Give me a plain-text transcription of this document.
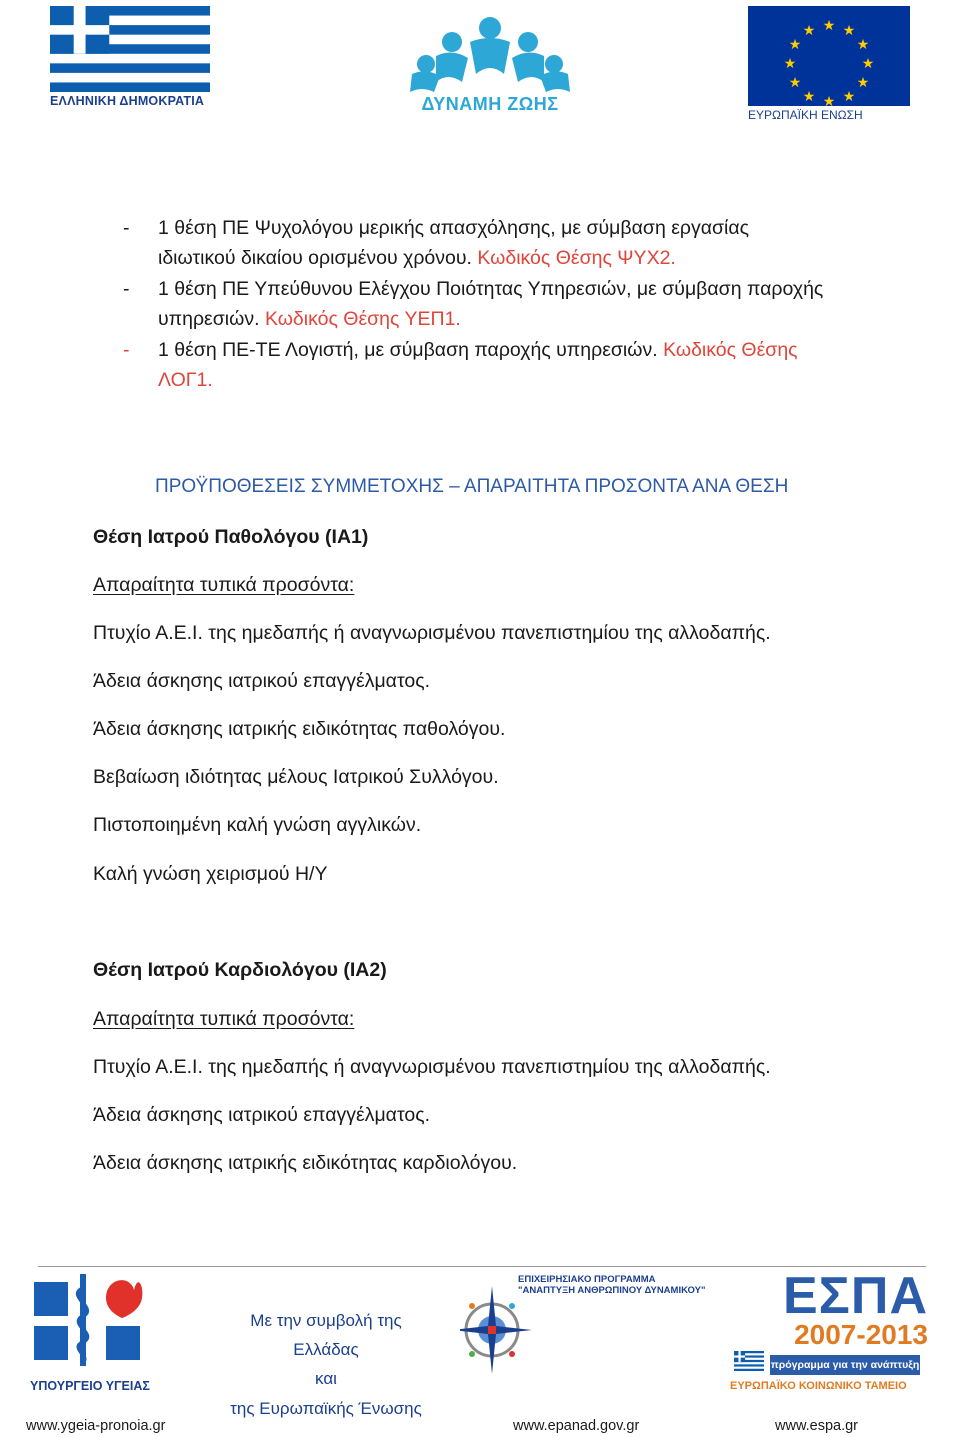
ΕΛΛΗΝΙΚΗ ΔΗΜΟΚΡΑΤΙΑ	ΔΥΝΑΜΗ ΖΩΗΣ
★ ★
★
★
★
★
★
★
★
★
★
★
ΕΥΡΩΠΑΪΚΗ ΕΝΩΣΗ
- 1 θέση ΠΕ Ψυχολόγου μερικής απασχόλησης, με σύμβαση εργασίας
ιδιωτικού δικαίου ορισμένου χρόνου. Κωδικός Θέσης ΨΥΧ2.
- 1 θέση ΠΕ Υπεύθυνου Ελέγχου Ποιότητας Υπηρεσιών, με σύμβαση παροχής
υπηρεσιών. Κωδικός Θέσης ΥΕΠ1.
- 1 θέση ΠΕ-ΤΕ Λογιστή, με σύμβαση παροχής υπηρεσιών. Κωδικός Θέσης
ΛΟΓ1.
ΠΡΟΫΠΟΘΕΣΕΙΣ ΣΥΜΜΕΤΟΧΗΣ – ΑΠΑΡΑΙΤΗΤΑ ΠΡΟΣΟΝΤΑ ΑΝΑ ΘΕΣΗ
Θέση Ιατρού Παθολόγου (ΙΑ1)
Απαραίτητα τυπικά προσόντα:
Πτυχίο Α.Ε.Ι. της ημεδαπής ή αναγνωρισμένου πανεπιστημίου της αλλοδαπής.
Άδεια άσκησης ιατρικού επαγγέλματος.
Άδεια άσκησης ιατρικής ειδικότητας παθολόγου.
Βεβαίωση ιδιότητας μέλους Ιατρικού Συλλόγου.
Πιστοποιημένη καλή γνώση αγγλικών.
Καλή γνώση χειρισμού Η/Υ
Θέση Ιατρού Καρδιολόγου (ΙΑ2)
Απαραίτητα τυπικά προσόντα:
Πτυχίο Α.Ε.Ι. της ημεδαπής ή αναγνωρισμένου πανεπιστημίου της αλλοδαπής.
Άδεια άσκησης ιατρικού επαγγέλματος.
Άδεια άσκησης ιατρικής ειδικότητας καρδιολόγου.
ΥΠΟΥΡΓΕΙΟ ΥΓΕΙΑΣ
Με την συμβολή της
Ελλάδας
και
της Ευρωπαϊκής Ένωσης
ΕΠΙΧΕΙΡΗΣΙΑΚΟ ΠΡΟΓΡΑΜΜΑ
"ΑΝΑΠΤΥΞΗ ΑΝΘΡΩΠΙΝΟΥ ΔΥΝΑΜΙΚΟΥ"	ΕΣΠΑ
2007-2013
πρόγραμμα για την ανάπτυξη
ΕΥΡΩΠΑΪΚΟ ΚΟΙΝΩΝΙΚΟ ΤΑΜΕΙΟ
www.ygeia-pronoia.gr	www.epanad.gov.gr	www.espa.gr
